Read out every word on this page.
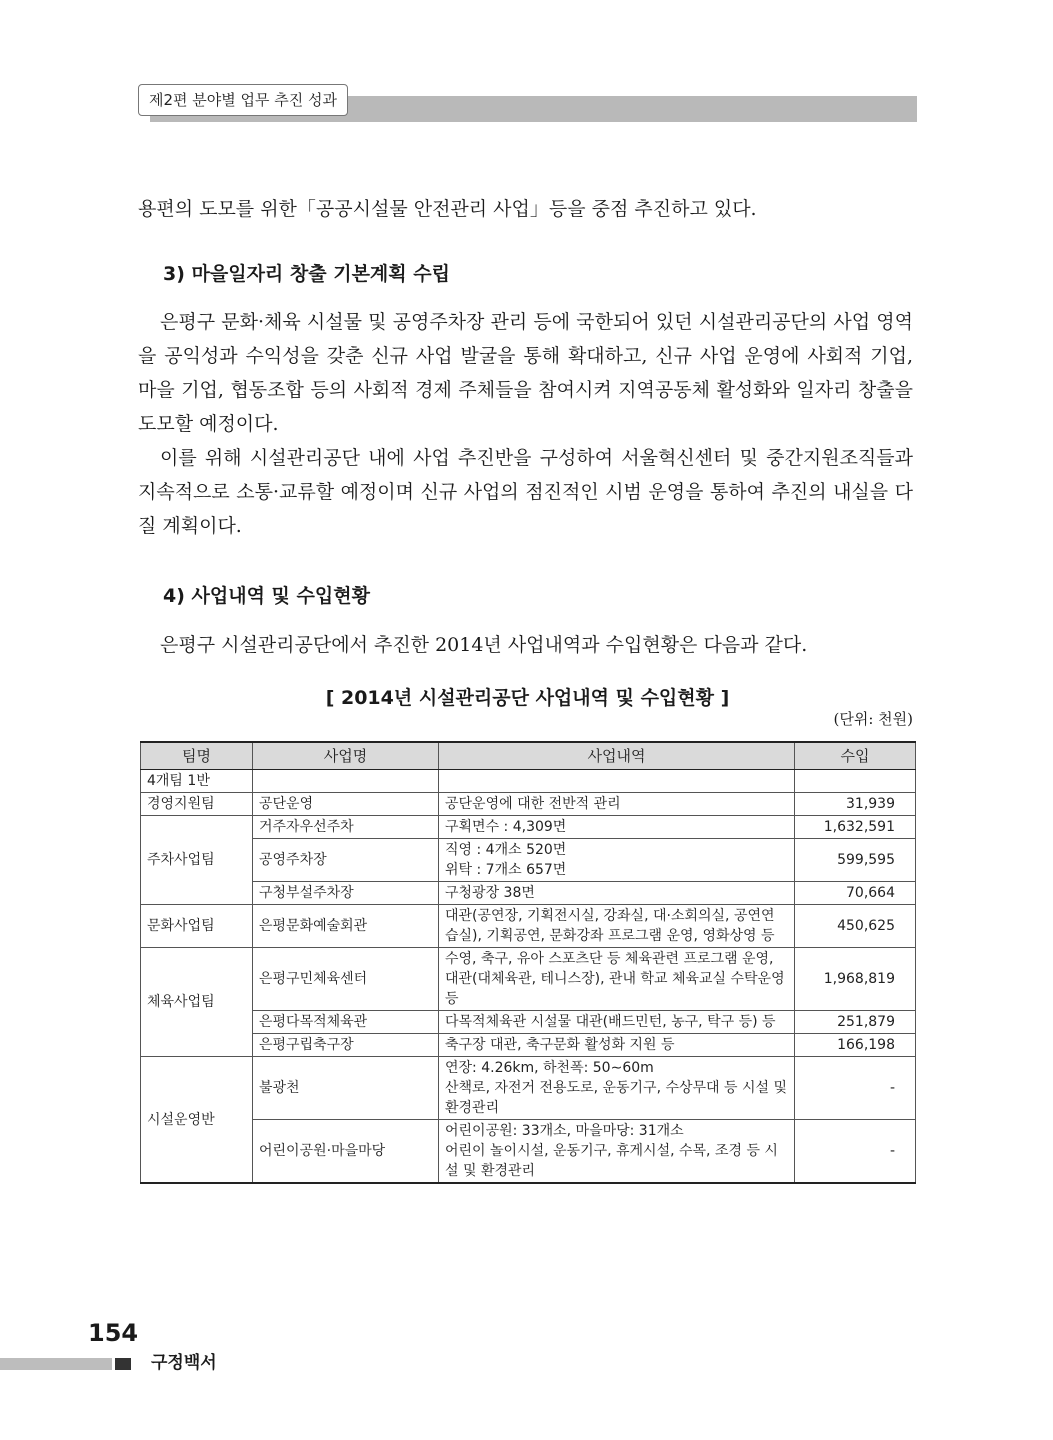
제2편 분야별 업무 추진 성과

용편의 도모를 위한「공공시설물 안전관리 사업」등을 중점 추진하고 있다.

3) 마을일자리 창출 기본계획 수립

은평구 문화·체육 시설물 및 공영주차장 관리 등에 국한되어 있던 시설관리공단의 사업 영역을 공익성과 수익성을 갖춘 신규 사업 발굴을 통해 확대하고, 신규 사업 운영에 사회적 기업, 마을 기업, 협동조합 등의 사회적 경제 주체들을 참여시켜 지역공동체 활성화와 일자리 창출을 도모할 예정이다.

이를 위해 시설관리공단 내에 사업 추진반을 구성하여 서울혁신센터 및 중간지원조직들과 지속적으로 소통·교류할 예정이며 신규 사업의 점진적인 시범 운영을 통하여 추진의 내실을 다질 계획이다.

4) 사업내역 및 수입현황

은평구 시설관리공단에서 추진한 2014년 사업내역과 수입현황은 다음과 같다.

[ 2014년 시설관리공단 사업내역 및 수입현황 ]
(단위: 천원)
팀명	사업명	사업내역	수입
4개팀 1반			
경영지원팀	공단운영	공단운영에 대한 전반적 관리	31,939
주차사업팀	거주자우선주차	구획면수 : 4,309면	1,632,591
	공영주차장	직영 : 4개소 520면
위탁 : 7개소 657면	599,595
	구청부설주차장	구청광장 38면	70,664
문화사업팀	은평문화예술회관	대관(공연장, 기획전시실, 강좌실, 대·소회의실, 공연연습실), 기획공연, 문화강좌 프로그램 운영, 영화상영 등	450,625
체육사업팀	은평구민체육센터	수영, 축구, 유아 스포츠단 등 체육관련 프로그램 운영, 대관(대체육관, 테니스장), 관내 학교 체육교실 수탁운영 등	1,968,819
	은평다목적체육관	다목적체육관 시설물 대관(배드민턴, 농구, 탁구 등) 등	251,879
	은평구립축구장	축구장 대관, 축구문화 활성화 지원 등	166,198
시설운영반	불광천	연장: 4.26km, 하천폭: 50∼60m
산책로, 자전거 전용도로, 운동기구, 수상무대 등 시설 및 환경관리	-
	어린이공원·마을마당	어린이공원: 33개소, 마을마당: 31개소
어린이 놀이시설, 운동기구, 휴게시설, 수목, 조경 등 시설 및 환경관리	-
154
구정백서
